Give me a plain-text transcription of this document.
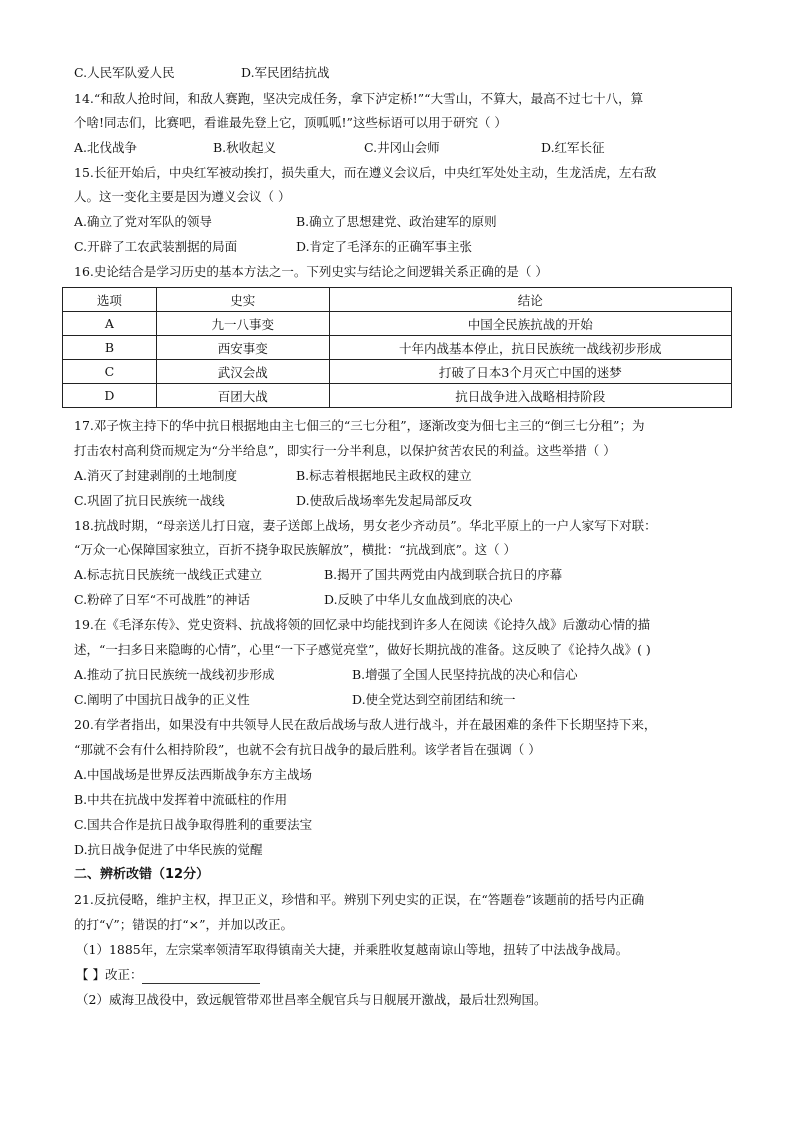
C.人民军队爱人民	D.军民团结抗战
14.“和敌人抢时间，和敌人赛跑，坚决完成任务，拿下泸定桥!”“大雪山，不算大，最高不过七十八，算
个啥!同志们，比赛吧，看谁最先登上它，顶呱呱!”这些标语可以用于研究（ ）
A.北伐战争	B.秋收起义	C.井冈山会师	D.红军长征
15.长征开始后，中央红军被动挨打，损失重大，而在遵义会议后，中央红军处处主动，生龙活虎，左右敌
人。这一变化主要是因为遵义会议（ ）
A.确立了党对军队的领导	B.确立了思想建党、政治建军的原则
C.开辟了工农武装割据的局面	D.肯定了毛泽东的正确军事主张
16.史论结合是学习历史的基本方法之一。下列史实与结论之间逻辑关系正确的是（ ）
选项	史实	结论
A	九一八事变	中国全民族抗战的开始
B	西安事变	十年内战基本停止，抗日民族统一战线初步形成
C	武汉会战	打破了日本3个月灭亡中国的迷梦
D	百团大战	抗日战争进入战略相持阶段
17.邓子恢主持下的华中抗日根据地由主七佃三的“三七分租”，逐渐改变为佃七主三的“倒三七分租”；为
打击农村高利贷而规定为“分半给息”，即实行一分半利息，以保护贫苦农民的利益。这些举措（ ）
A.消灭了封建剥削的土地制度	B.标志着根据地民主政权的建立
C.巩固了抗日民族统一战线	D.使敌后战场率先发起局部反攻
18.抗战时期，“母亲送儿打日寇，妻子送郎上战场，男女老少齐动员”。华北平原上的一户人家写下对联：
“万众一心保障国家独立，百折不挠争取民族解放”，横批：“抗战到底”。这（ ）
A.标志抗日民族统一战线正式建立	B.揭开了国共两党由内战到联合抗日的序幕
C.粉碎了日军“不可战胜”的神话	D.反映了中华儿女血战到底的决心
19.在《毛泽东传》、党史资料、抗战将领的回忆录中均能找到许多人在阅读《论持久战》后激动心情的描
述，“一扫多日来隐晦的心情”，心里“一下子感觉亮堂”，做好长期抗战的准备。这反映了《论持久战》( )
A.推动了抗日民族统一战线初步形成	B.增强了全国人民坚持抗战的决心和信心
C.阐明了中国抗日战争的正义性	D.使全党达到空前团结和统一
20.有学者指出，如果没有中共领导人民在敌后战场与敌人进行战斗，并在最困难的条件下长期坚持下来，
“那就不会有什么相持阶段”，也就不会有抗日战争的最后胜利。该学者旨在强调（ ）
A.中国战场是世界反法西斯战争东方主战场
B.中共在抗战中发挥着中流砥柱的作用
C.国共合作是抗日战争取得胜利的重要法宝
D.抗日战争促进了中华民族的觉醒
二、辨析改错（12分）
21.反抗侵略，维护主权，捍卫正义，珍惜和平。辨别下列史实的正误，在“答题卷”该题前的括号内正确
的打“√”；错误的打“×”，并加以改正。
（1）1885年，左宗棠率领清军取得镇南关大捷，并乘胜收复越南谅山等地，扭转了中法战争战局。
【 】改正：
（2）威海卫战役中，致远舰管带邓世昌率全舰官兵与日舰展开激战，最后壮烈殉国。
